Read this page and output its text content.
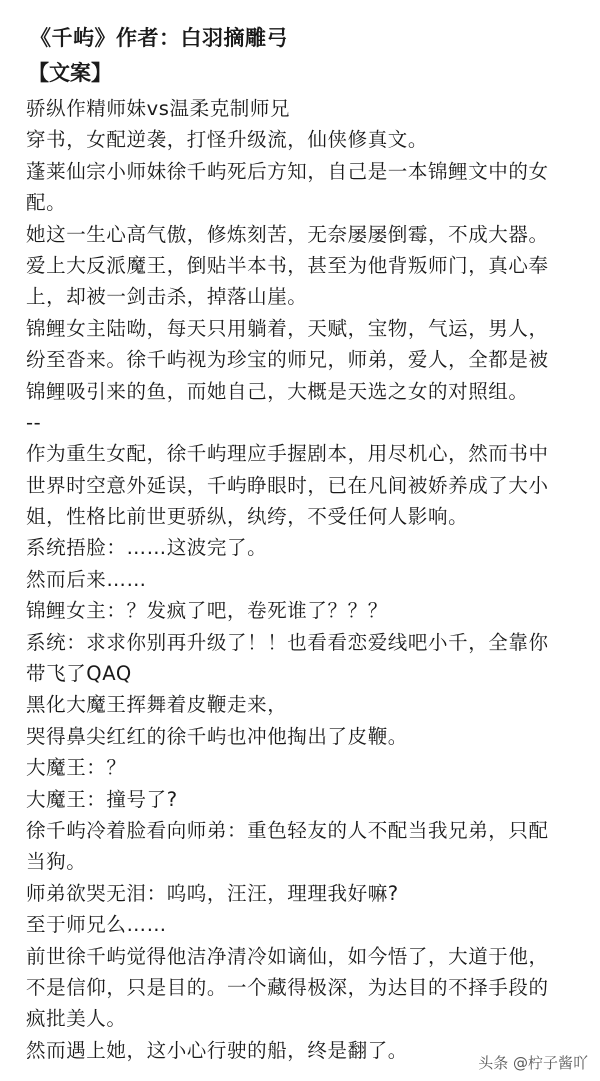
《千屿》作者：白羽摘雕弓
【文案】
骄纵作精师妹vs温柔克制师兄
穿书，女配逆袭，打怪升级流，仙侠修真文。
蓬莱仙宗小师妹徐千屿死后方知，自己是一本锦鲤文中的女
配。
她这一生心高气傲，修炼刻苦，无奈屡屡倒霉，不成大器。
爱上大反派魔王，倒贴半本书，甚至为他背叛师门，真心奉
上，却被一剑击杀，掉落山崖。
锦鲤女主陆呦，每天只用躺着，天赋，宝物，气运，男人，
纷至沓来。徐千屿视为珍宝的师兄，师弟，爱人，全都是被
锦鲤吸引来的鱼，而她自己，大概是天选之女的对照组。
--
作为重生女配，徐千屿理应手握剧本，用尽机心，然而书中
世界时空意外延误，千屿睁眼时，已在凡间被娇养成了大小
姐，性格比前世更骄纵，纨绔，不受任何人影响。
系统捂脸：……这波完了。
然而后来……
锦鲤女主：？发疯了吧，卷死谁了？？？
系统：求求你别再升级了！！也看看恋爱线吧小千，全靠你
带飞了QAQ
黑化大魔王挥舞着皮鞭走来，
哭得鼻尖红红的徐千屿也冲他掏出了皮鞭。
大魔王：？
大魔王：撞号了?
徐千屿冷着脸看向师弟：重色轻友的人不配当我兄弟，只配
当狗。
师弟欲哭无泪：呜呜，汪汪，理理我好嘛?
至于师兄么……
前世徐千屿觉得他洁净清冷如谪仙，如今悟了，大道于他，
不是信仰，只是目的。一个藏得极深，为达目的不择手段的
疯批美人。
然而遇上她，这小心行驶的船，终是翻了。
头条 @柠子酱吖
